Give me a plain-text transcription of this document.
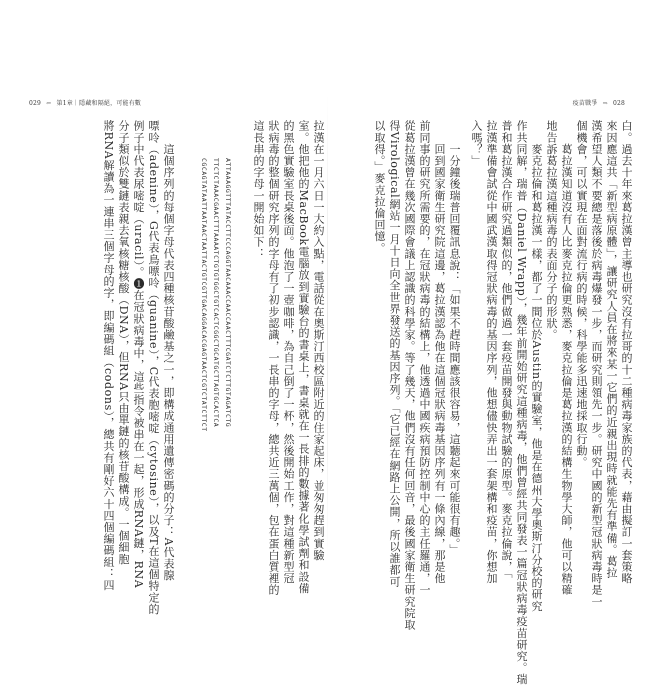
029 ⇐ 第1章｜隱藏和隔絕，可能有數	疫苗戰爭 ⇒ 028
白。過去十年來葛拉漢曾主導也研究沒有拉哥的十二種病毒家族的代表，藉由擬訂一套策略
來因應這共「新型病原體」，讓研究人員在將來某一它們的近親出現時就能先有準備。葛拉
漢希望人類不要總是落後於病毒爆發一步，而研究則領先一步。研究中國的新型冠狀病毒時是一
個機會，可以實現在面對流行病的時候，科學能多迅速地採取行動。
　　葛拉漢知道沒有人比麥克拉倫更熟悉，麥克拉倫是葛拉漢的結構生物學大師，他可以精確
地告訴葛拉漢這種病毒的表面分子的形狀。
　　麥克拉倫和葛拉漢一樣，都了一間位於Austin的實驗室，他是在德州大學奧斯汀分校的研究
作共同解，瑞普（Daniel Wrapp），幾年前開始研究這種病毒，他們曾經共同發表一篇冠狀病毒疫苗研究。瑞
普和葛拉漢合作研究過類似的，他們做過一套疫苗開發與動物試驗的原型。麥克拉倫說，「
拉漢準備會試從中國武漢取得冠狀病毒的基因序列，他想儘快弄出一套架構和疫苗，你想加
入嗎？」
　　一分鐘後瑞普回覆訊息說：「如果不趕時間應該很容易，這聽起來可能很有趣。」
　　回到國家衛生研究院這邊，葛拉漢認為他在這個冠狀病毒基因序列有一條內線，那是他
前同事的研究所需要的，在冠狀病毒的結構上，他透過中國疾病預防控制中心的主任羅通，一
從葛拉漢曾在幾次國際會議上認識的科學家。等了幾天，他們沒有任何回音，最後國家衛生研究院取
得Virological網站一月十日向全世界發送的基因序列。「它已經在網路上公開，所以誰都可
以取得。」麥克拉倫回憶。
拉漢在一月六日一大約入點，電話從在奧斯汀西校區附近的住家起床，並匆匆趕到實驗
室。他把他的MacBook電腦放到實驗台的書桌上，書桌就在一長排的數據著化學試劑和設備
的黑色實驗室長桌後面。他泡了一壺咖啡，為自己倒了一杯，然後開始工作，對這種新型冠
狀病毒的整個研究序列的字母有了初步認識，一長串的字母，總共近三萬個，包在蛋白質裡的
這長串的字母一開始如下：
ATTAAAGGTTTATACCTTCCCAGGTAACAAACCAACCAACTTTCGATCTCTTGTAGATCTG
TTCTCTAAACGAACTTTAAAATCTGTGTGGCTGTCACTCGGCTGCATGCTTAGTGCACTCA
CGCAGTATAATTAATAACTAATTACTGTCGTTGACAGGACACGAGTAACTCGTCTATCTTCT
　　這個序列的每個字母代表四種核苷酸鹼基之一，即構成通用遺傳密碼的分子：A代表腺
嘌呤（adenine），G代表鳥嘌呤（guanine），C代表胞嘧啶（cytosine），以及T在這個特定的
例子中代表尿嘧啶（uracil）。❶在冠狀病毒中，這些指令被串在一起，形成RNA鏈，RNA
分子類似於雙鏈表親去氧核糖核酸（DNA），但RNA只由單鏈的核苷酸構成。一個細胞
將RNA解讀為一連串三個字母的字，即編碼組（codons），總共有剛好六十四個編碼組：四
